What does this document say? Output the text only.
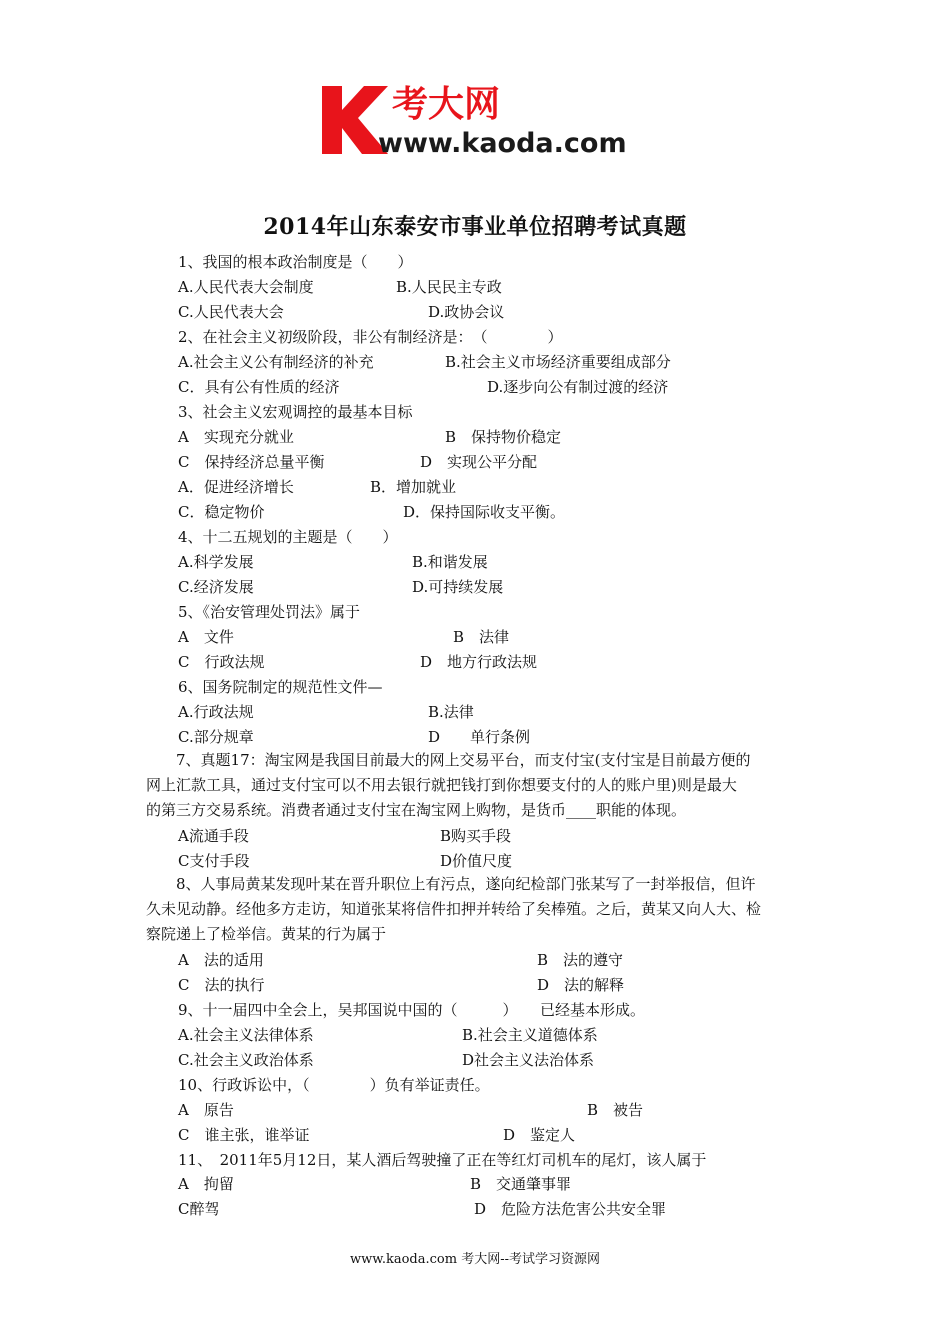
考大网
www.kaoda.com
2014年山东泰安市事业单位招聘考试真题
1、我国的根本政治制度是（　　）
A.人民代表大会制度	B.人民民主专政
C.人民代表大会	D.政协会议
2、在社会主义初级阶段，非公有制经济是：　（　　　　）
A.社会主义公有制经济的补充	B.社会主义市场经济重要组成部分
C．具有公有性质的经济	D.逐步向公有制过渡的经济
3、社会主义宏观调控的最基本目标
A　实现充分就业	B　保持物价稳定
C　保持经济总量平衡	D　实现公平分配
A．促进经济增长	B．增加就业
C．稳定物价	D．保持国际收支平衡。
4、十二五规划的主题是（　　）
A.科学发展	B.和谐发展
C.经济发展	D.可持续发展
5、《治安管理处罚法》属于
A　文件	B　法律
C　行政法规	D　地方行政法规
6、国务院制定的规范性文件—
A.行政法规	B.法律
C.部分规章	D　　单行条例
A流通手段	B购买手段
C支付手段	D价值尺度
A　法的适用	B　法的遵守
C　法的执行	D　法的解释
9、十一届四中全会上，吴邦国说中国的（　　　）　　已经基本形成。
A.社会主义法律体系	B.社会主义道德体系
C.社会主义政治体系	D社会主义法治体系
10、行政诉讼中，（　　　　）负有举证责任。
A　原告	B　被告
C　谁主张，谁举证	D　鉴定人
11、　2011年5月12日，某人酒后驾驶撞了正在等红灯司机车的尾灯，该人属于
A　拘留	B　交通肇事罪
C醉驾	D　危险方法危害公共安全罪
　　7、真题17：淘宝网是我国目前最大的网上交易平台，而支付宝(支付宝是目前最方便的
网上汇款工具，通过支付宝可以不用去银行就把钱打到你想要支付的人的账户里)则是最大
的第三方交易系统。消费者通过支付宝在淘宝网上购物，是货币____职能的体现。
　　8、人事局黄某发现叶某在晋升职位上有污点，遂向纪检部门张某写了一封举报信，但许
久未见动静。经他多方走访，知道张某将信件扣押并转给了矣棒殖。之后，黄某又向人大、检
察院递上了检举信。黄某的行为属于
www.kaoda.com 考大网--考试学习资源网
